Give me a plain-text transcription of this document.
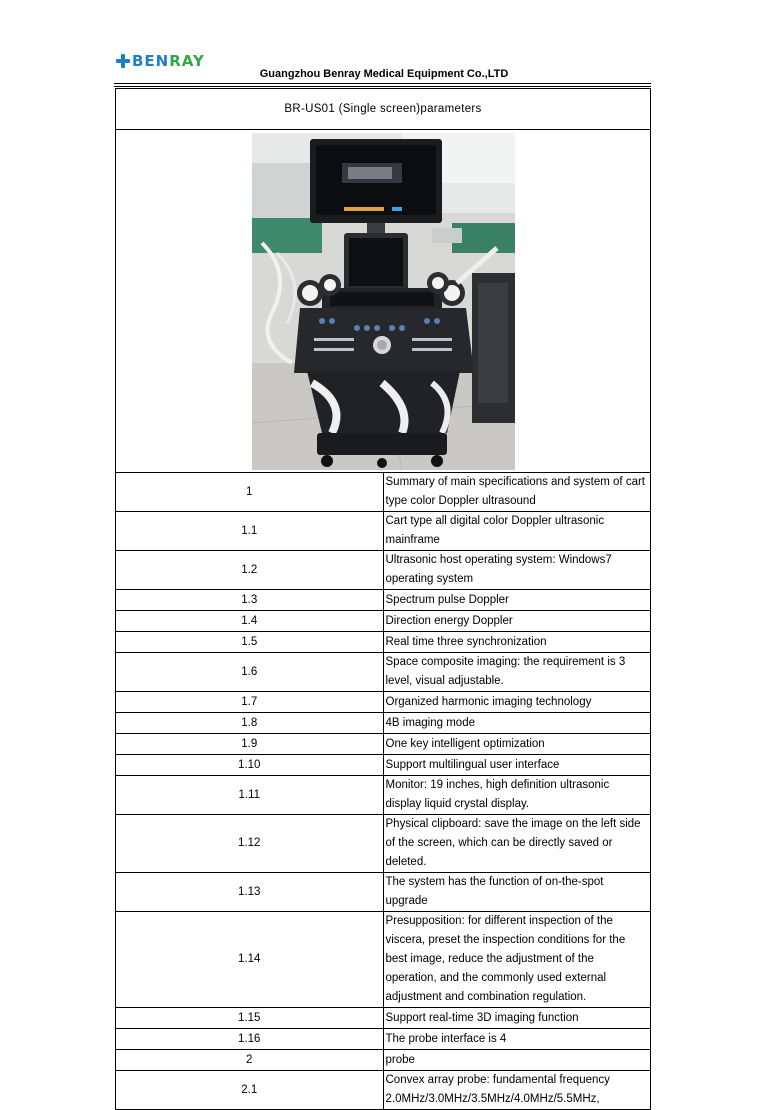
BEN RAY
Guangzhou Benray Medical Equipment Co.,LTD
BR-US01 (Single screen)parameters	

1	Summary of main specifications and system of cart type color Doppler ultrasound
1.1	Cart type all digital color Doppler ultrasonic mainframe
1.2	Ultrasonic host operating system: Windows7 operating system
1.3	Spectrum pulse Doppler
1.4	Direction energy Doppler
1.5	Real time three synchronization
1.6	Space composite imaging: the requirement is 3 level, visual adjustable.
1.7	Organized harmonic imaging technology
1.8	4B imaging mode
1.9	One key intelligent optimization
1.10	Support multilingual user interface
1.11	Monitor: 19 inches, high definition ultrasonic display liquid crystal display.
1.12	Physical clipboard: save the image on the left side of the screen, which can be directly saved or deleted.
1.13	The system has the function of on-the-spot upgrade
1.14	Presupposition: for different inspection of the viscera, preset the inspection conditions for the best image, reduce the adjustment of the operation, and the commonly used external adjustment and combination regulation.
1.15	Support real-time 3D imaging function
1.16	The probe interface is 4
2	probe
2.1	Convex array probe: fundamental frequency 2.0MHz/3.0MHz/3.5MHz/4.0MHz/5.5MHz,
